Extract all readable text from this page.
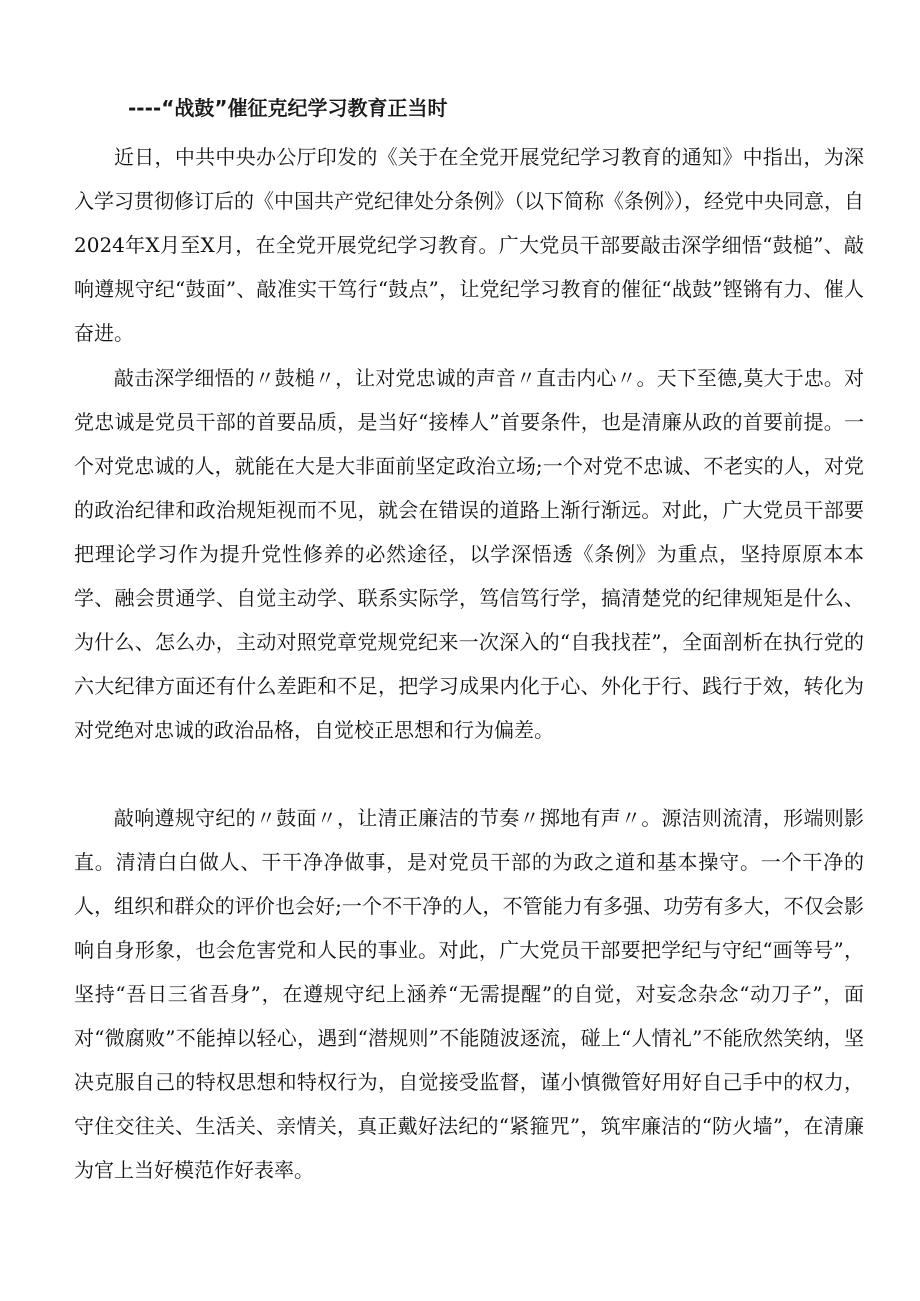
----“战鼓”催征克纪学习教育正当时

近日，中共中央办公厅印发的《关于在全党开展党纪学习教育的通知》中指出，为深入学习贯彻修订后的《中国共产党纪律处分条例》（以下简称《条例》），经党中央同意，自2024年X月至X月，在全党开展党纪学习教育。广大党员干部要敲击深学细悟“鼓槌”、敲响遵规守纪“鼓面”、敲准实干笃行“鼓点”，让党纪学习教育的催征“战鼓”铿锵有力、催人奋进。

敲击深学细悟的〃鼓槌〃，让对党忠诚的声音〃直击内心〃。天下至德,莫大于忠。对党忠诚是党员干部的首要品质，是当好“接棒人”首要条件，也是清廉从政的首要前提。一个对党忠诚的人，就能在大是大非面前坚定政治立场;一个对党不忠诚、不老实的人，对党的政治纪律和政治规矩视而不见，就会在错误的道路上渐行渐远。对此，广大党员干部要把理论学习作为提升党性修养的必然途径，以学深悟透《条例》为重点，坚持原原本本学、融会贯通学、自觉主动学、联系实际学，笃信笃行学，搞清楚党的纪律规矩是什么、为什么、怎么办，主动对照党章党规党纪来一次深入的“自我找茬”，全面剖析在执行党的六大纪律方面还有什么差距和不足，把学习成果内化于心、外化于行、践行于效，转化为对党绝对忠诚的政治品格，自觉校正思想和行为偏差。

敲响遵规守纪的〃鼓面〃，让清正廉洁的节奏〃掷地有声〃。源洁则流清，形端则影直。清清白白做人、干干净净做事，是对党员干部的为政之道和基本操守。一个干净的人，组织和群众的评价也会好;一个不干净的人，不管能力有多强、功劳有多大，不仅会影响自身形象，也会危害党和人民的事业。对此，广大党员干部要把学纪与守纪“画等号”，坚持“吾日三省吾身”，在遵规守纪上涵养“无需提醒”的自觉，对妄念杂念“动刀子”，面对“微腐败”不能掉以轻心，遇到“潜规则”不能随波逐流，碰上“人情礼”不能欣然笑纳，坚决克服自己的特权思想和特权行为，自觉接受监督，谨小慎微管好用好自己手中的权力，守住交往关、生活关、亲情关，真正戴好法纪的“紧箍咒”，筑牢廉洁的“防火墙”，在清廉为官上当好模范作好表率。
